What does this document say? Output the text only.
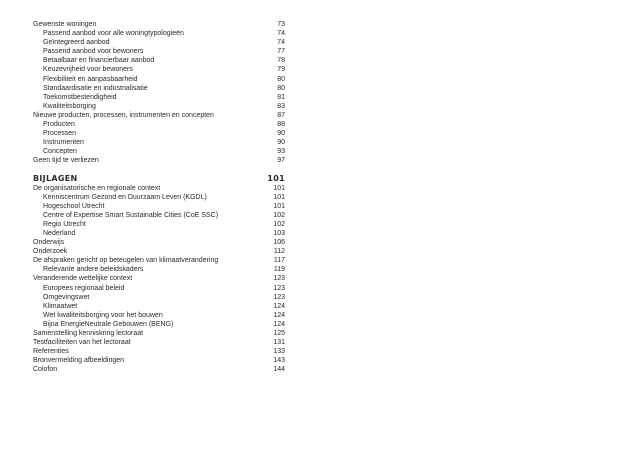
Gewenste woningen	73
Passend aanbod voor alle woningtypologieën	74
Geïntegreerd aanbod	74
Passend aanbod voor bewoners	77
Betaalbaar en financierbaar aanbod	78
Keuzevrijheid voor bewoners	79
Flexibiliteit en aanpasbaarheid	80
Standaardisatie en industrialisatie	80
Toekomstbestendigheid	81
Kwaliteitsborging	83
Nieuwe producten, processen, instrumenten en concepten	87
Producten	88
Processen	90
Instrumenten	90
Concepten	93
Geen tijd te verliezen	97
BIJLAGEN	101
De organisatorische en regionale context	101
Kenniscentrum Gezond en Duurzaam Leven (KGDL)	101
Hogeschool Utrecht	101
Centre of Expertise Smart Sustainable Cities (CoE SSC)	102
Regio Utrecht	102
Nederland	103
Onderwijs	106
Onderzoek	112
De afspraken gericht op beteugelen van klimaatverandering	117
Relevante andere beleidskaders	119
Veranderende wettelijke context	123
Europees regionaal beleid	123
Omgevingswet	123
Klimaatwet	124
Wet kwaliteitsborging voor het bouwen	124
Bijna EnergieNeutrale Gebouwen (BENG)	124
Samenstelling kenniskring lectoraat	125
Testfaciliteiten van het lectoraat	131
Referenties	133
Bronvermelding afbeeldingen	143
Colofon	144
